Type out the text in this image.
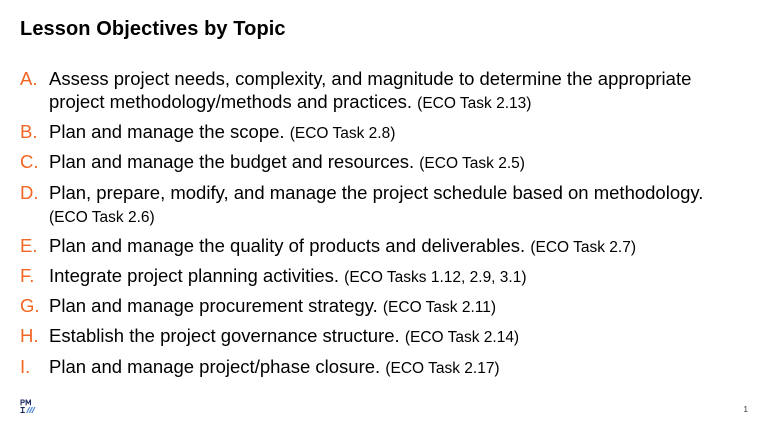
Lesson Objectives by Topic
A. Assess project needs, complexity, and magnitude to determine the appropriate project methodology/methods and practices. (ECO Task 2.13)
B. Plan and manage the scope. (ECO Task 2.8)
C. Plan and manage the budget and resources. (ECO Task 2.5)
D. Plan, prepare, modify, and manage the project schedule based on methodology.
(ECO Task 2.6)
E. Plan and manage the quality of products and deliverables. (ECO Task 2.7)
F. Integrate project planning activities. (ECO Tasks 1.12, 2.9, 3.1)
G. Plan and manage procurement strategy. (ECO Task 2.11)
H. Establish the project governance structure. (ECO Task 2.14)
I. Plan and manage project/phase closure. (ECO Task 2.17)
1
